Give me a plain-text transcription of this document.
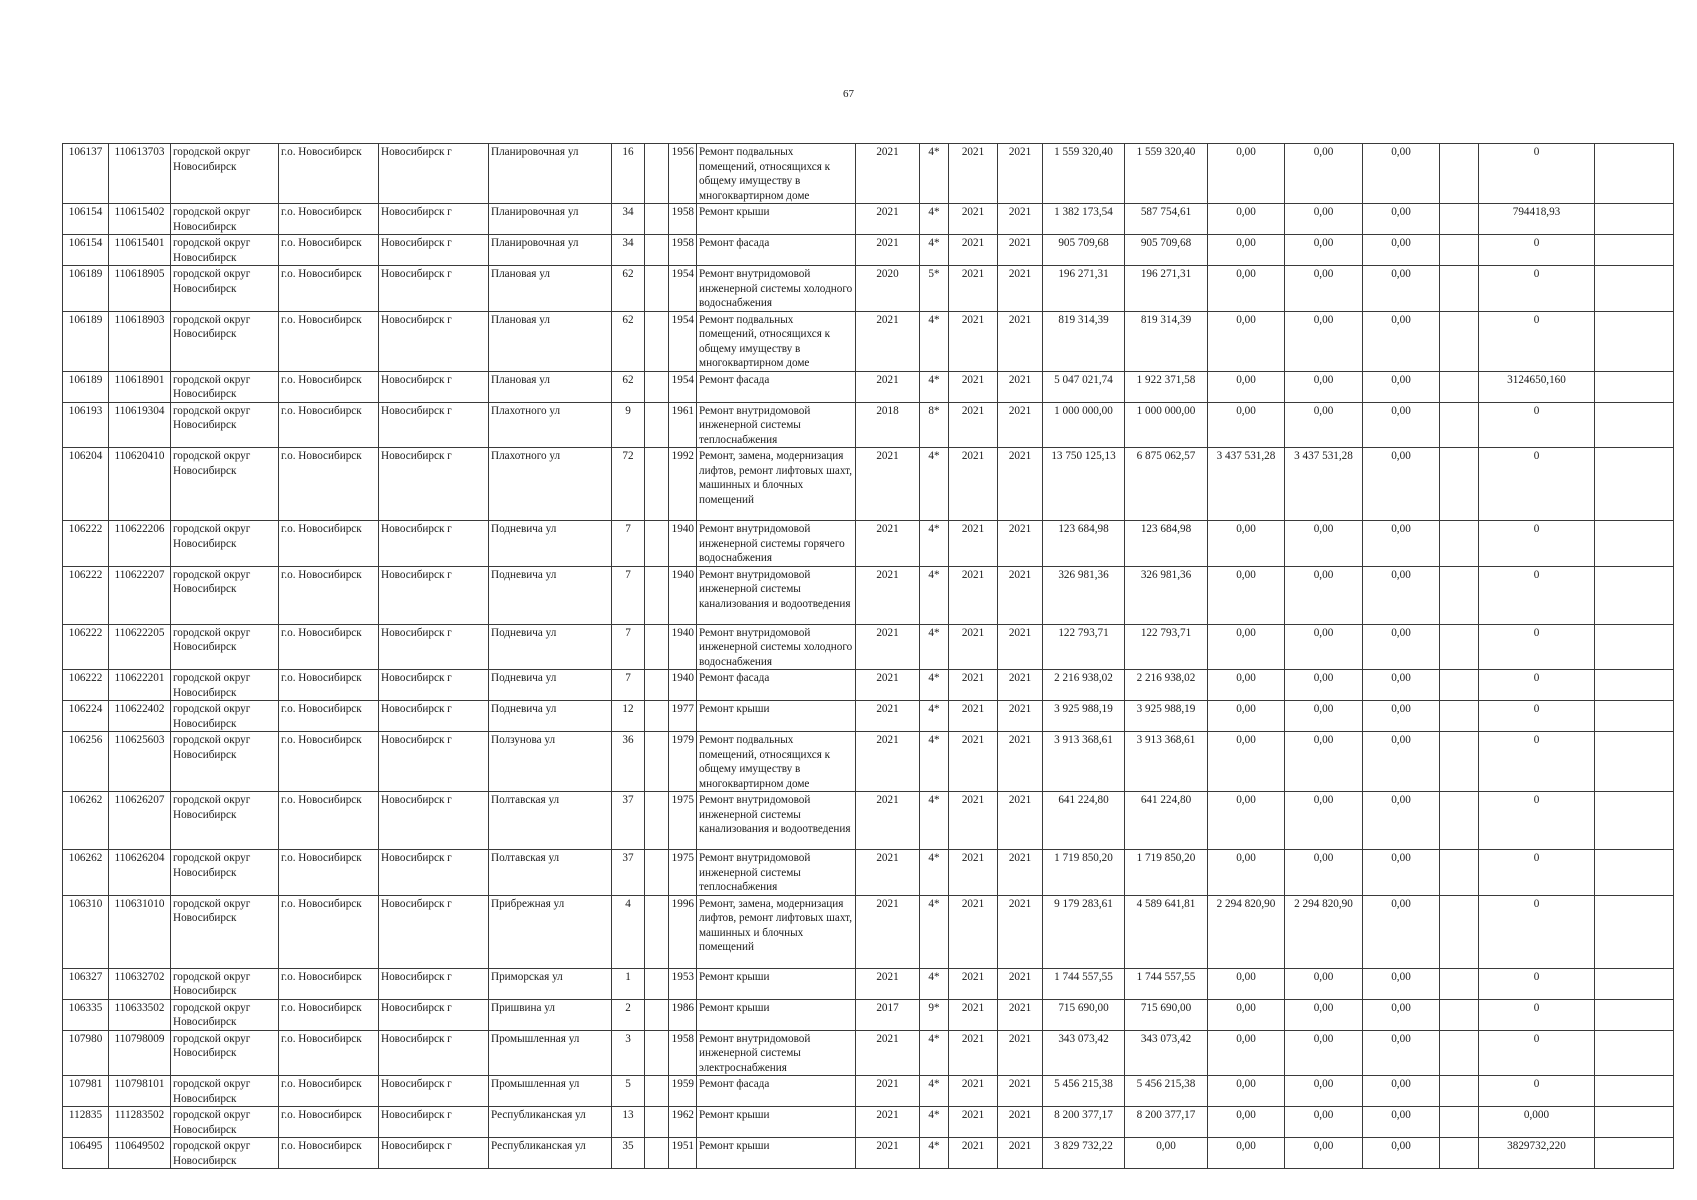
67
106137	110613703	городской округ Новосибирск	г.о. Новосибирск	Новосибирск г	Планировочная ул	16		1956	Ремонт подвальных помещений, относящихся к общему имуществу в многоквартирном доме	2021	4*	2021	2021	1 559 320,40	1 559 320,40	0,00	0,00	0,00		0	
106154	110615402	городской округ Новосибирск	г.о. Новосибирск	Новосибирск г	Планировочная ул	34		1958	Ремонт крыши	2021	4*	2021	2021	1 382 173,54	587 754,61	0,00	0,00	0,00		794418,93	
106154	110615401	городской округ Новосибирск	г.о. Новосибирск	Новосибирск г	Планировочная ул	34		1958	Ремонт фасада	2021	4*	2021	2021	905 709,68	905 709,68	0,00	0,00	0,00		0	
106189	110618905	городской округ Новосибирск	г.о. Новосибирск	Новосибирск г	Плановая ул	62		1954	Ремонт внутридомовой инженерной системы холодного водоснабжения	2020	5*	2021	2021	196 271,31	196 271,31	0,00	0,00	0,00		0	
106189	110618903	городской округ Новосибирск	г.о. Новосибирск	Новосибирск г	Плановая ул	62		1954	Ремонт подвальных помещений, относящихся к общему имуществу в многоквартирном доме	2021	4*	2021	2021	819 314,39	819 314,39	0,00	0,00	0,00		0	
106189	110618901	городской округ Новосибирск	г.о. Новосибирск	Новосибирск г	Плановая ул	62		1954	Ремонт фасада	2021	4*	2021	2021	5 047 021,74	1 922 371,58	0,00	0,00	0,00		3124650,160	
106193	110619304	городской округ Новосибирск	г.о. Новосибирск	Новосибирск г	Плахотного ул	9		1961	Ремонт внутридомовой инженерной системы теплоснабжения	2018	8*	2021	2021	1 000 000,00	1 000 000,00	0,00	0,00	0,00		0	
106204	110620410	городской округ Новосибирск	г.о. Новосибирск	Новосибирск г	Плахотного ул	72		1992	Ремонт, замена, модернизация лифтов, ремонт лифтовых шахт, машинных и блочных помещений	2021	4*	2021	2021	13 750 125,13	6 875 062,57	3 437 531,28	3 437 531,28	0,00		0	
106222	110622206	городской округ Новосибирск	г.о. Новосибирск	Новосибирск г	Подневича ул	7		1940	Ремонт внутридомовой инженерной системы горячего водоснабжения	2021	4*	2021	2021	123 684,98	123 684,98	0,00	0,00	0,00		0	
106222	110622207	городской округ Новосибирск	г.о. Новосибирск	Новосибирск г	Подневича ул	7		1940	Ремонт внутридомовой инженерной системы канализования и водоотведения	2021	4*	2021	2021	326 981,36	326 981,36	0,00	0,00	0,00		0	
106222	110622205	городской округ Новосибирск	г.о. Новосибирск	Новосибирск г	Подневича ул	7		1940	Ремонт внутридомовой инженерной системы холодного водоснабжения	2021	4*	2021	2021	122 793,71	122 793,71	0,00	0,00	0,00		0	
106222	110622201	городской округ Новосибирск	г.о. Новосибирск	Новосибирск г	Подневича ул	7		1940	Ремонт фасада	2021	4*	2021	2021	2 216 938,02	2 216 938,02	0,00	0,00	0,00		0	
106224	110622402	городской округ Новосибирск	г.о. Новосибирск	Новосибирск г	Подневича ул	12		1977	Ремонт крыши	2021	4*	2021	2021	3 925 988,19	3 925 988,19	0,00	0,00	0,00		0	
106256	110625603	городской округ Новосибирск	г.о. Новосибирск	Новосибирск г	Ползунова ул	36		1979	Ремонт подвальных помещений, относящихся к общему имуществу в многоквартирном доме	2021	4*	2021	2021	3 913 368,61	3 913 368,61	0,00	0,00	0,00		0	
106262	110626207	городской округ Новосибирск	г.о. Новосибирск	Новосибирск г	Полтавская ул	37		1975	Ремонт внутридомовой инженерной системы канализования и водоотведения	2021	4*	2021	2021	641 224,80	641 224,80	0,00	0,00	0,00		0	
106262	110626204	городской округ Новосибирск	г.о. Новосибирск	Новосибирск г	Полтавская ул	37		1975	Ремонт внутридомовой инженерной системы теплоснабжения	2021	4*	2021	2021	1 719 850,20	1 719 850,20	0,00	0,00	0,00		0	
106310	110631010	городской округ Новосибирск	г.о. Новосибирск	Новосибирск г	Прибрежная ул	4		1996	Ремонт, замена, модернизация лифтов, ремонт лифтовых шахт, машинных и блочных помещений	2021	4*	2021	2021	9 179 283,61	4 589 641,81	2 294 820,90	2 294 820,90	0,00		0	
106327	110632702	городской округ Новосибирск	г.о. Новосибирск	Новосибирск г	Приморская ул	1		1953	Ремонт крыши	2021	4*	2021	2021	1 744 557,55	1 744 557,55	0,00	0,00	0,00		0	
106335	110633502	городской округ Новосибирск	г.о. Новосибирск	Новосибирск г	Пришвина ул	2		1986	Ремонт крыши	2017	9*	2021	2021	715 690,00	715 690,00	0,00	0,00	0,00		0	
107980	110798009	городской округ Новосибирск	г.о. Новосибирск	Новосибирск г	Промышленная ул	3		1958	Ремонт внутридомовой инженерной системы электроснабжения	2021	4*	2021	2021	343 073,42	343 073,42	0,00	0,00	0,00		0	
107981	110798101	городской округ Новосибирск	г.о. Новосибирск	Новосибирск г	Промышленная ул	5		1959	Ремонт фасада	2021	4*	2021	2021	5 456 215,38	5 456 215,38	0,00	0,00	0,00		0	
112835	111283502	городской округ Новосибирск	г.о. Новосибирск	Новосибирск г	Республиканская ул	13		1962	Ремонт крыши	2021	4*	2021	2021	8 200 377,17	8 200 377,17	0,00	0,00	0,00		0,000	
106495	110649502	городской округ Новосибирск	г.о. Новосибирск	Новосибирск г	Республиканская ул	35		1951	Ремонт крыши	2021	4*	2021	2021	3 829 732,22	0,00	0,00	0,00	0,00		3829732,220	
